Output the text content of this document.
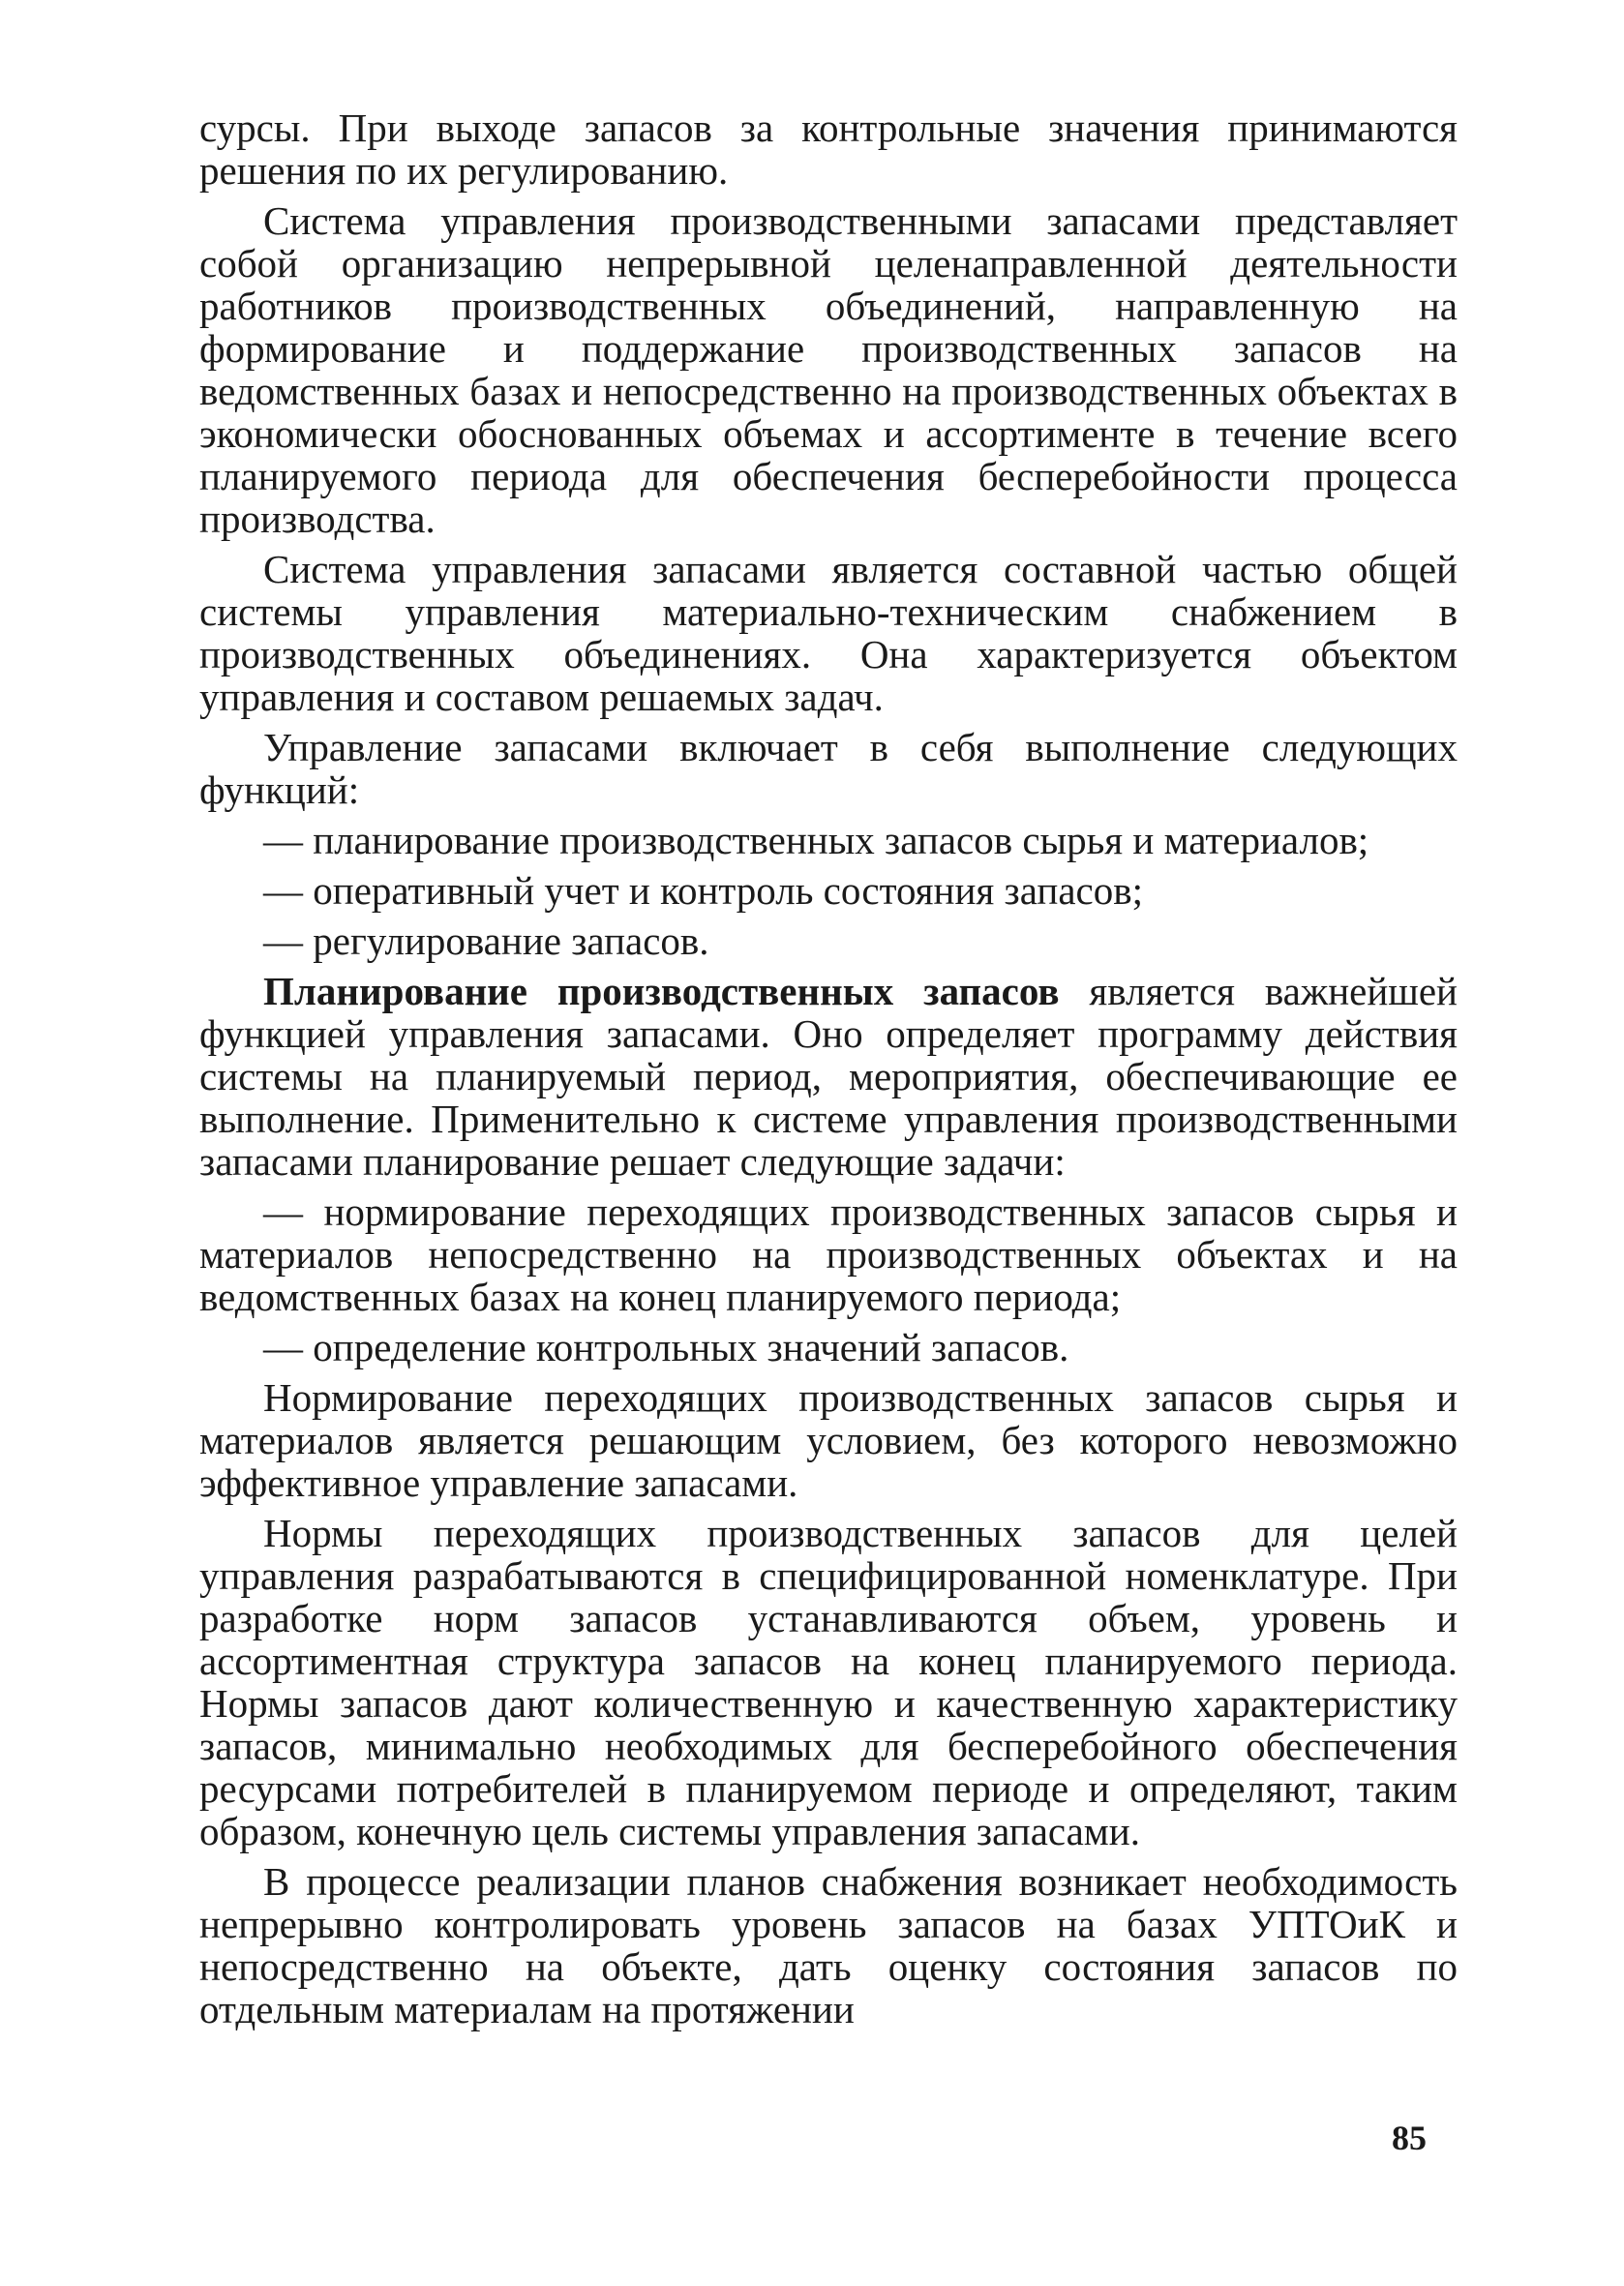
сурсы. При выходе запасов за контрольные значения принимаются решения по их регулированию.

Система управления производственными запасами представляет собой организацию непрерывной целенаправленной деятельности работников производственных объединений, направленную на формирование и поддержание производственных запасов на ведомственных базах и непосредственно на производственных объектах в экономически обоснованных объемах и ассортименте в течение всего планируемого периода для обеспечения бесперебойности процесса производства.

Система управления запасами является составной частью общей системы управления материально-техническим снабжением в производственных объединениях. Она характеризуется объектом управления и составом решаемых задач.

Управление запасами включает в себя выполнение следующих функций:

— планирование производственных запасов сырья и материалов;

— оперативный учет и контроль состояния запасов;

— регулирование запасов.

Планирование производственных запасов является важнейшей функцией управления запасами. Оно определяет программу действия системы на планируемый период, мероприятия, обеспечивающие ее выполнение. Применительно к системе управления производственными запасами планирование решает следующие задачи:

— нормирование переходящих производственных запасов сырья и материалов непосредственно на производственных объектах и на ведомственных базах на конец планируемого периода;

— определение контрольных значений запасов.

Нормирование переходящих производственных запасов сырья и материалов является решающим условием, без которого невозможно эффективное управление запасами.

Нормы переходящих производственных запасов для целей управления разрабатываются в специфицированной номенклатуре. При разработке норм запасов устанавливаются объем, уровень и ассортиментная структура запасов на конец планируемого периода. Нормы запасов дают количественную и качественную характеристику запасов, минимально необходимых для бесперебойного обеспечения ресурсами потребителей в планируемом периоде и определяют, таким образом, конечную цель системы управления запасами.

В процессе реализации планов снабжения возникает необходимость непрерывно контролировать уровень запасов на базах УПТОиК и непосредственно на объекте, дать оценку состояния запасов по отдельным материалам на протяжении

85
